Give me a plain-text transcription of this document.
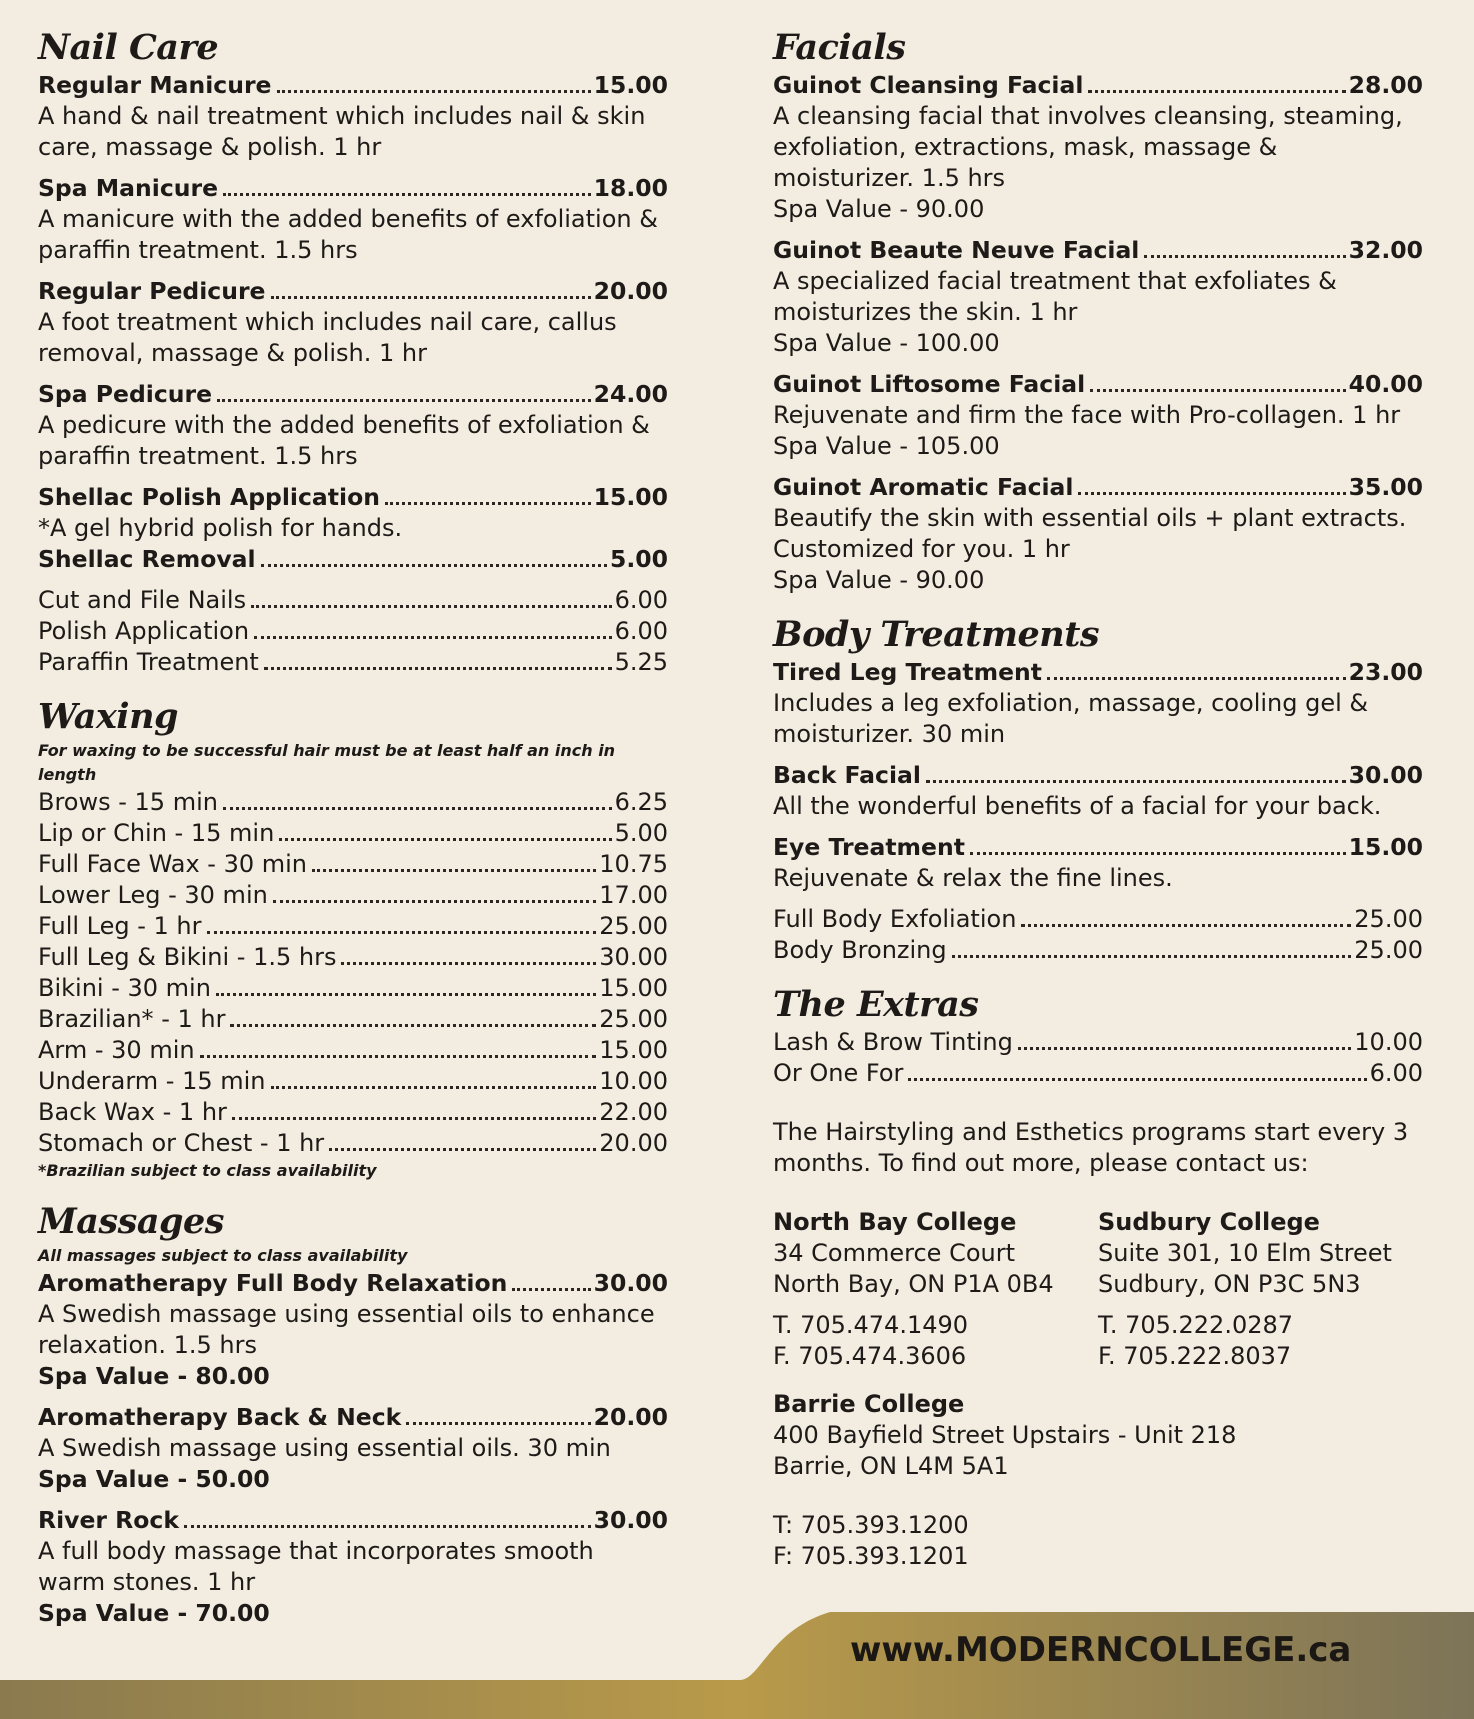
Nail Care
Regular Manicure	15.00
A hand & nail treatment which includes nail & skin care, massage & polish. 1 hr
Spa Manicure	18.00
A manicure with the added benefits of exfoliation & paraffin treatment. 1.5 hrs
Regular Pedicure	20.00
A foot treatment which includes nail care, callus removal, massage & polish. 1 hr
Spa Pedicure	24.00
A pedicure with the added benefits of exfoliation & paraffin treatment. 1.5 hrs
Shellac Polish Application	15.00
*A gel hybrid polish for hands.
Shellac Removal	5.00
Cut and File Nails	6.00
Polish Application	6.00
Paraffin Treatment	5.25
Waxing
For waxing to be successful hair must be at least half an inch in length
Brows - 15 min	6.25
Lip or Chin - 15 min	5.00
Full Face Wax - 30 min	10.75
Lower Leg - 30 min	17.00
Full Leg - 1 hr	25.00
Full Leg & Bikini - 1.5 hrs	30.00
Bikini - 30 min	15.00
Brazilian* - 1 hr	25.00
Arm - 30 min	15.00
Underarm - 15 min	10.00
Back Wax - 1 hr	22.00
Stomach or Chest - 1 hr	20.00
*Brazilian subject to class availability
Massages
All massages subject to class availability
Aromatherapy Full Body Relaxation	30.00
A Swedish massage using essential oils to enhance relaxation. 1.5 hrs
Spa Value - 80.00
Aromatherapy Back & Neck	20.00
A Swedish massage using essential oils. 30 min
Spa Value - 50.00
River Rock	30.00
A full body massage that incorporates smooth warm stones. 1 hr
Spa Value - 70.00
Facials
Guinot Cleansing Facial	28.00
A cleansing facial that involves cleansing, steaming, exfoliation, extractions, mask, massage & moisturizer. 1.5 hrs
Spa Value - 90.00
Guinot Beaute Neuve Facial	32.00
A specialized facial treatment that exfoliates & moisturizes the skin. 1 hr
Spa Value - 100.00
Guinot Liftosome Facial	40.00
Rejuvenate and firm the face with Pro-collagen. 1 hr
Spa Value - 105.00
Guinot Aromatic Facial	35.00
Beautify the skin with essential oils + plant extracts. Customized for you. 1 hr
Spa Value - 90.00
Body Treatments
Tired Leg Treatment	23.00
Includes a leg exfoliation, massage, cooling gel & moisturizer. 30 min
Back Facial	30.00
All the wonderful benefits of a facial for your back.
Eye Treatment	15.00
Rejuvenate & relax the fine lines.
Full Body Exfoliation	25.00
Body Bronzing	25.00
The Extras
Lash & Brow Tinting	10.00
Or One For	6.00
The Hairstyling and Esthetics programs start every 3 months. To find out more, please contact us:
North Bay College
34 Commerce Court
North Bay, ON P1A 0B4
T. 705.474.1490
F. 705.474.3606
Sudbury College
Suite 301, 10 Elm Street
Sudbury, ON P3C 5N3
T. 705.222.0287
F. 705.222.8037
Barrie College
400 Bayfield Street Upstairs - Unit 218
Barrie, ON L4M 5A1
T: 705.393.1200
F: 705.393.1201
www.MODERNCOLLEGE.ca
